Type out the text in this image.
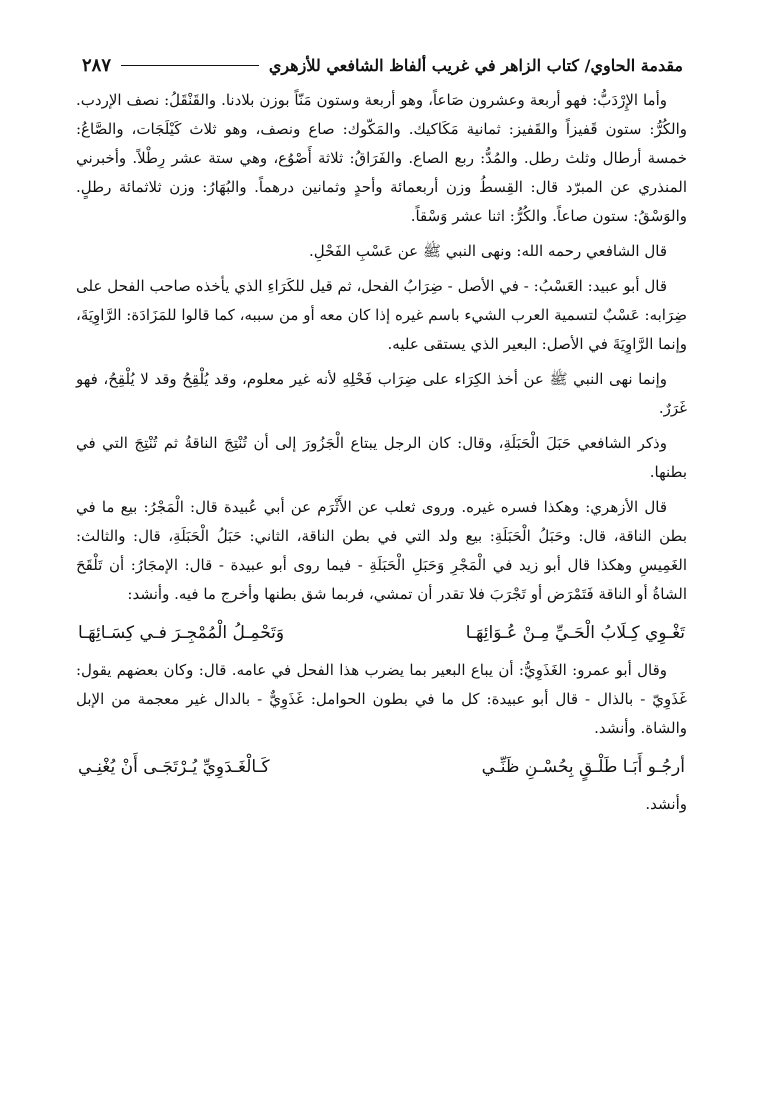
مقدمة الحاوي/ كتاب الزاهر في غريب ألفاظ الشافعي للأزهري
٢٨٧

وأما الإِرْدَبُّ: فهو أربعة وعشرون صَاعاً، وهو أربعة وستون مَنّاً بوزن بلادنا. والقَنْقَلُ: نصف الإردب. والكُرُّ: ستون قَفيزاً والقَفيز: ثمانية مَكَاكيك. والمَكّوك: صاع ونصف، وهو ثلاث كَيْلَجَات، والصَّاعُ: خمسة أرطال وثلث رطل. والمُدُّ: ربع الصاع. والفَرَاقُ: ثلاثة أَصْوُع، وهي ستة عشر رِطْلاً. وأخبرني المنذري عن المبرّد قال: القِسطُ وزن أربعمائة وأحدٍ وثمانين درهماً. والبُهَارُ: وزن ثلاثمائة رطلٍ. والوَسْقُ: ستون صاعاً. والكُرُّ: اثنا عشر وَسْقاً.

قال الشافعي رحمه الله: ونهى النبي ﷺ عن عَسْبِ الفَحْلِ.

قال أبو عبيد: العَسْبُ: - في الأصل - ضِرَابُ الفحل، ثم قيل للكَرَاءِ الذي يأخذه صاحب الفحل على ضِرَابه: عَسْبٌ لتسمية العرب الشيء باسم غيره إذا كان معه أو من سببه، كما قالوا للمَزَادَة: الرَّاوِيَةَ، وإنما الرَّاوِيَةَ في الأصل: البعير الذي يستقى عليه.

وإنما نهى النبي ﷺ عن أخذ الكِرَاء على ضِرَاب فَحْلِهِ لأنه غير معلوم، وقد يُلْقِحُ وقد لا يُلْقِحُ، فهو غَرَرٌ.

وذكر الشافعي حَبَلَ الْحَبَلَةِ، وقال: كان الرجل يبتاع الْجَزُورَ إلى أن تُنْتِجَ الناقةُ ثم تُنْتِجَ التي في بطنها.

قال الأزهري: وهكذا فسره غيره. وروى ثعلب عن الأَثْرَم عن أبي عُبيدة قال: الْمَجْرُ: بيع ما في بطن الناقة، قال: وحَبَلُ الْحَبَلَةِ: بيع ولد التي في بطن الناقة، الثاني: حَبَلُ الْحَبَلَةِ، قال: والثالث: الغَمِيسِ وهكذا قال أبو زيد في الْمَجْرِ وَحَبَلِ الْحَبَلَةِ - فيما روى أبو عبيدة - قال: الإمجَارُ: أن تَلْقَحَ الشاةُ أو الناقة فَتَمْرَض أو تَجْرَبَ فلا تقدر أن تمشي، فربما شق بطنها وأخرج ما فيه. وأنشد:

تَغْـوِي كِـلَابُ الْحَـيِّ مِـنْ عُـوَائِهَـا
وَتَحْمِـلُ الْمُمْجِـرَ فـي كِسَـائِهَـا

وقال أبو عمرو: الغَذَوِيُّ: أن يباع البعير بما يضرب هذا الفحل في عامه. قال: وكان بعضهم يقول: غَذَوِيّ - بالذال - قال أبو عبيدة: كل ما في بطون الحوامل: غَذَوِيٌّ - بالدال غير معجمة من الإبل والشاة. وأنشد.

أرجُـو أَبَـا طَلْـقٍ بِحُسْـنِ ظَنِّـي
كَـالْغَـدَوِيِّ يُـرْتَجَـى أَنْ يُغْنِـي

وأنشد.
